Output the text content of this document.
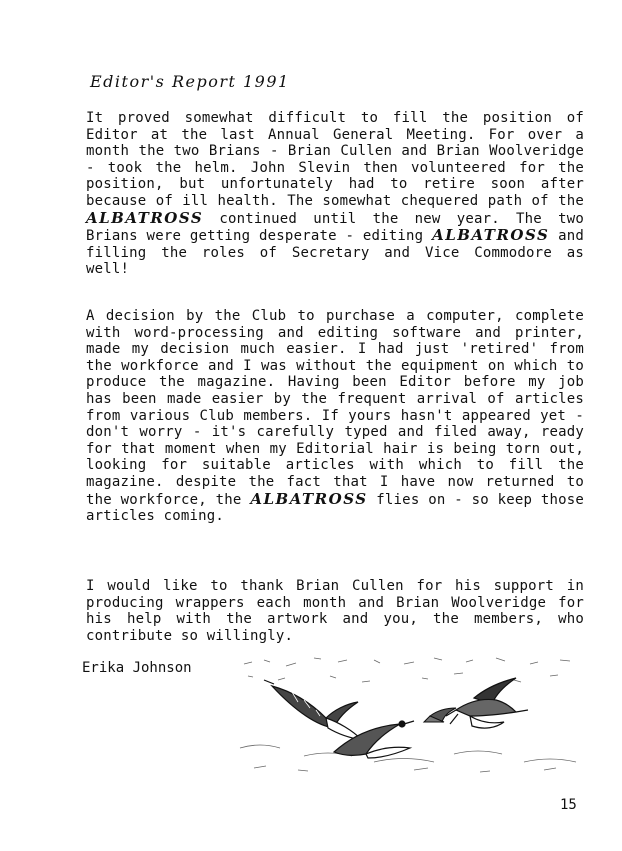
Editor's Report 1991

It proved somewhat difficult to fill the position of Editor at the last Annual General Meeting. For over a month the two Brians - Brian Cullen and Brian Woolveridge - took the helm. John Slevin then volunteered for the position, but unfortunately had to retire soon after because of ill health. The somewhat chequered path of the ALBATROSS continued until the new year. The two Brians were getting desperate - editing ALBATROSS and filling the roles of Secretary and Vice Commodore as well!

A decision by the Club to purchase a computer, complete with word-processing and editing software and printer, made my decision much easier. I had just 'retired' from the workforce and I was without the equipment on which to produce the magazine. Having been Editor before my job has been made easier by the frequent arrival of articles from various Club members. If yours hasn't appeared yet - don't worry - it's carefully typed and filed away, ready for that moment when my Editorial hair is being torn out, looking for suitable articles with which to fill the magazine. despite the fact that I have now returned to the workforce, the ALBATROSS flies on - so keep those articles coming.

I would like to thank Brian Cullen for his support in producing wrappers each month and Brian Woolveridge for his help with the artwork and you, the members, who contribute so willingly.

Erika Johnson
15
